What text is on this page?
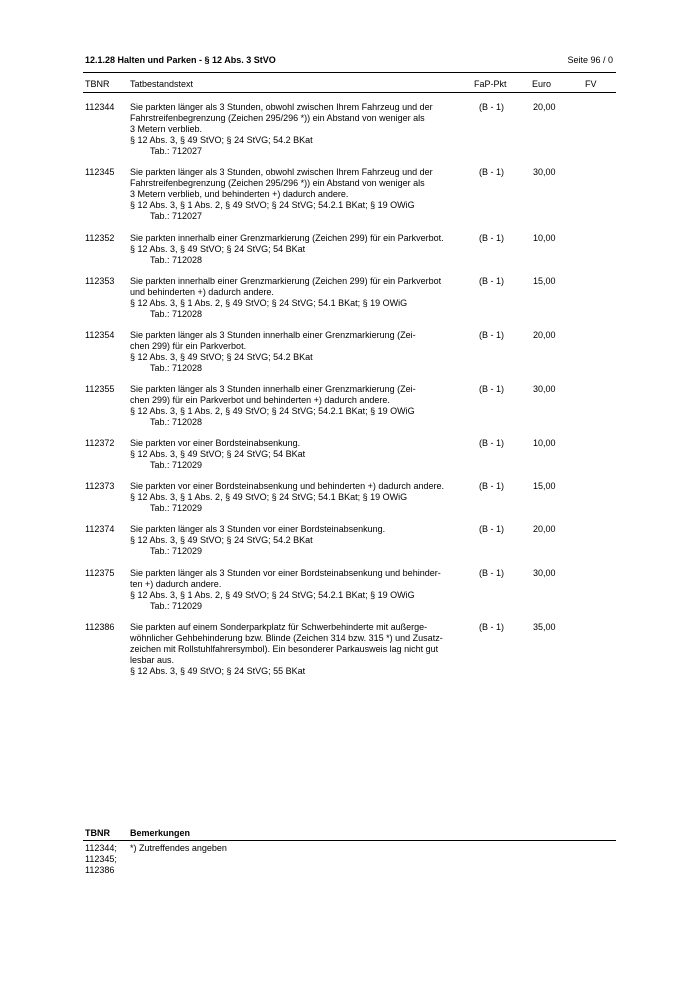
12.1.28 Halten und Parken - § 12 Abs. 3 StVO	Seite 96 / 0
TBNR Tatbestandstext	FaP-Pkt	Euro	FV
112344 Sie parkten länger als 3 Stunden, obwohl zwischen Ihrem Fahrzeug und der
Fahrstreifenbegrenzung (Zeichen 295/296 *)) ein Abstand von weniger als
3 Metern verblieb.
§ 12 Abs. 3, § 49 StVO; § 24 StVG; 54.2 BKat
Tab.: 712027
(B - 1)	20,00
112345 Sie parkten länger als 3 Stunden, obwohl zwischen Ihrem Fahrzeug und der
Fahrstreifenbegrenzung (Zeichen 295/296 *)) ein Abstand von weniger als
3 Metern verblieb, und behinderten +) dadurch andere.
§ 12 Abs. 3, § 1 Abs. 2, § 49 StVO; § 24 StVG; 54.2.1 BKat; § 19 OWiG
Tab.: 712027
(B - 1)	30,00
112352 Sie parkten innerhalb einer Grenzmarkierung (Zeichen 299) für ein Parkverbot.
§ 12 Abs. 3, § 49 StVO; § 24 StVG; 54 BKat
Tab.: 712028
(B - 1)	10,00
112353 Sie parkten innerhalb einer Grenzmarkierung (Zeichen 299) für ein Parkverbot
und behinderten +) dadurch andere.
§ 12 Abs. 3, § 1 Abs. 2, § 49 StVO; § 24 StVG; 54.1 BKat; § 19 OWiG
Tab.: 712028
(B - 1)	15,00
112354 Sie parkten länger als 3 Stunden innerhalb einer Grenzmarkierung (Zei-
chen 299) für ein Parkverbot.
§ 12 Abs. 3, § 49 StVO; § 24 StVG; 54.2 BKat
Tab.: 712028
(B - 1)	20,00
112355 Sie parkten länger als 3 Stunden innerhalb einer Grenzmarkierung (Zei-
chen 299) für ein Parkverbot und behinderten +) dadurch andere.
§ 12 Abs. 3, § 1 Abs. 2, § 49 StVO; § 24 StVG; 54.2.1 BKat; § 19 OWiG
Tab.: 712028
(B - 1)	30,00
112372 Sie parkten vor einer Bordsteinabsenkung.
§ 12 Abs. 3, § 49 StVO; § 24 StVG; 54 BKat
Tab.: 712029
(B - 1)	10,00
112373 Sie parkten vor einer Bordsteinabsenkung und behinderten +) dadurch andere.
§ 12 Abs. 3, § 1 Abs. 2, § 49 StVO; § 24 StVG; 54.1 BKat; § 19 OWiG
Tab.: 712029
(B - 1)	15,00
112374 Sie parkten länger als 3 Stunden vor einer Bordsteinabsenkung.
§ 12 Abs. 3, § 49 StVO; § 24 StVG; 54.2 BKat
Tab.: 712029
(B - 1)	20,00
112375 Sie parkten länger als 3 Stunden vor einer Bordsteinabsenkung und behinder-
ten +) dadurch andere.
§ 12 Abs. 3, § 1 Abs. 2, § 49 StVO; § 24 StVG; 54.2.1 BKat; § 19 OWiG
Tab.: 712029
(B - 1)	30,00
112386 Sie parkten auf einem Sonderparkplatz für Schwerbehinderte mit außerge-
wöhnlicher Gehbehinderung bzw. Blinde (Zeichen 314 bzw. 315 *) und Zusatz-
zeichen mit Rollstuhlfahrersymbol). Ein besonderer Parkausweis lag nicht gut
lesbar aus.
§ 12 Abs. 3, § 49 StVO; § 24 StVG; 55 BKat
(B - 1)	35,00
TBNR Bemerkungen
112344;
112345;
112386
*) Zutreffendes angeben
